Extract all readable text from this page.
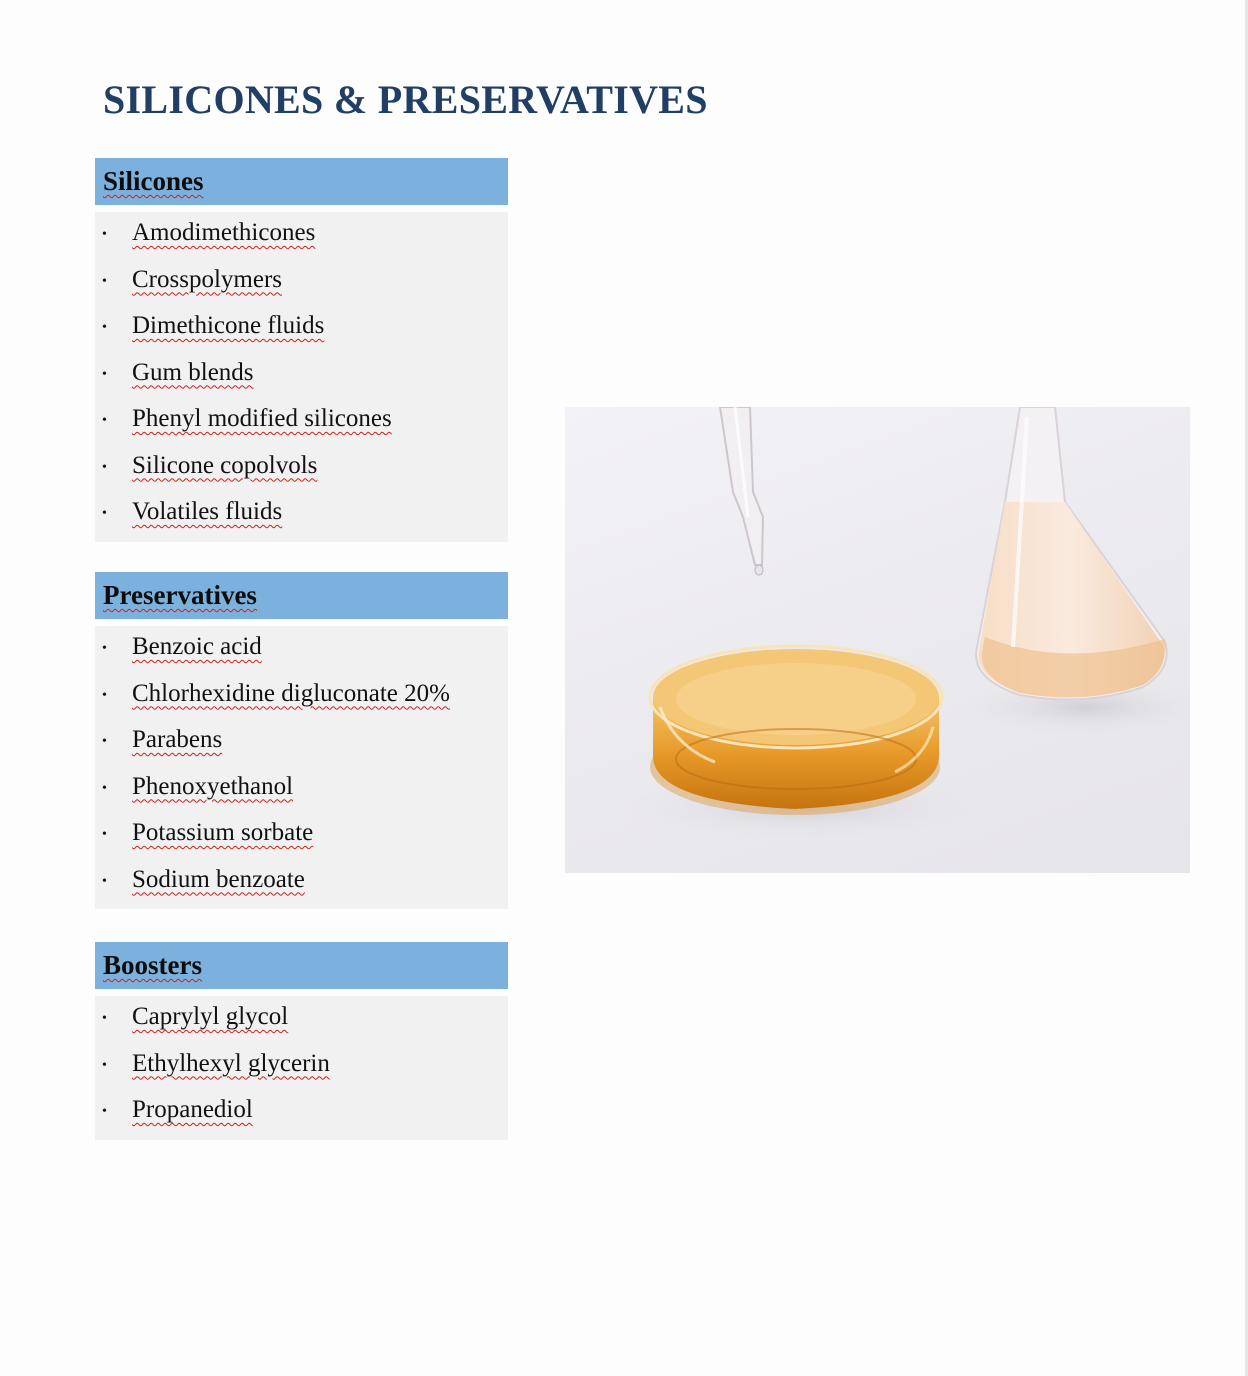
SILICONES & PRESERVATIVES
Silicones
• Amodimethicones
• Crosspolymers
• Dimethicone fluids
• Gum blends
• Phenyl modified silicones
• Silicone copolvols
• Volatiles fluids
Preservatives
• Benzoic acid
• Chlorhexidine digluconate 20%
• Parabens
• Phenoxyethanol
• Potassium sorbate
• Sodium benzoate
Boosters
• Caprylyl glycol
• Ethylhexyl glycerin
• Propanediol
